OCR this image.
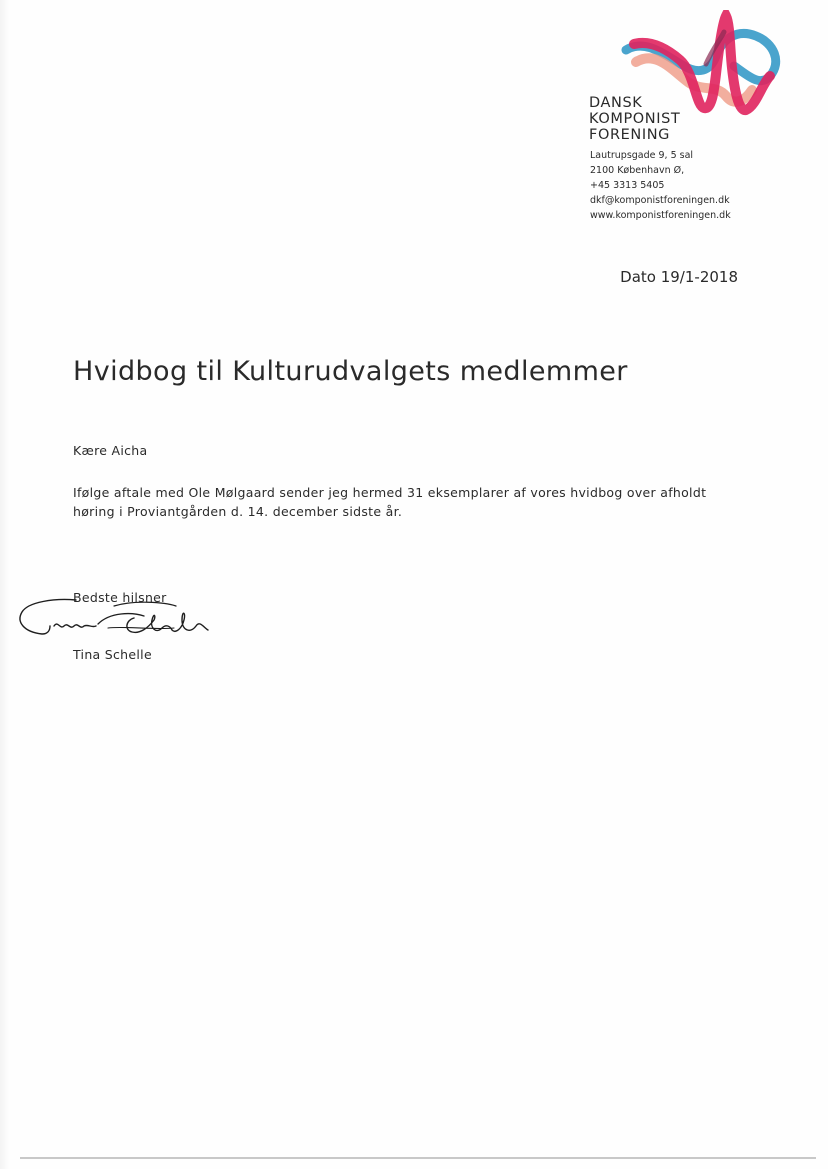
DANSK
KOMPONIST
FORENING
Lautrupsgade 9, 5 sal
2100 København Ø,
+45 3313 5405
dkf@komponistforeningen.dk
www.komponistforeningen.dk
Dato 19/1-2018
Hvidbog til Kulturudvalgets medlemmer
Kære Aicha
Ifølge aftale med Ole Mølgaard sender jeg hermed 31 eksemplarer af vores hvidbog over afholdt
høring i Proviantgården d. 14. december sidste år.
Bedste hilsner
Tina Schelle
